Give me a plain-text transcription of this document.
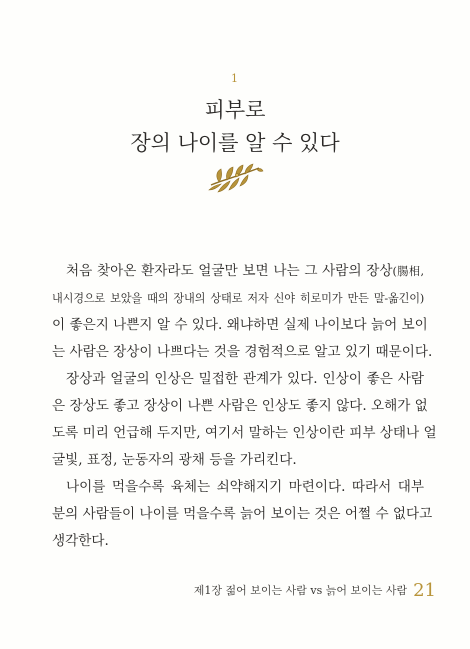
1
피부로
장의 나이를 알 수 있다
처음 찾아온 환자라도 얼굴만 보면 나는 그 사람의 장상(腸相,
내시경으로 보았을 때의 장내의 상태로 저자 신야 히로미가 만든 말-옮긴이)
이 좋은지 나쁜지 알 수 있다. 왜냐하면 실제 나이보다 늙어 보이
는 사람은 장상이 나쁘다는 것을 경험적으로 알고 있기 때문이다.
장상과 얼굴의 인상은 밀접한 관계가 있다. 인상이 좋은 사람
은 장상도 좋고 장상이 나쁜 사람은 인상도 좋지 않다. 오해가 없
도록 미리 언급해 두지만, 여기서 말하는 인상이란 피부 상태나 얼
굴빛, 표정, 눈동자의 광채 등을 가리킨다.
나이를 먹을수록 육체는 쇠약해지기 마련이다. 따라서 대부
분의 사람들이 나이를 먹을수록 늙어 보이는 것은 어쩔 수 없다고
생각한다.
제1장 젊어 보이는 사람 vs 늙어 보이는 사람 21
